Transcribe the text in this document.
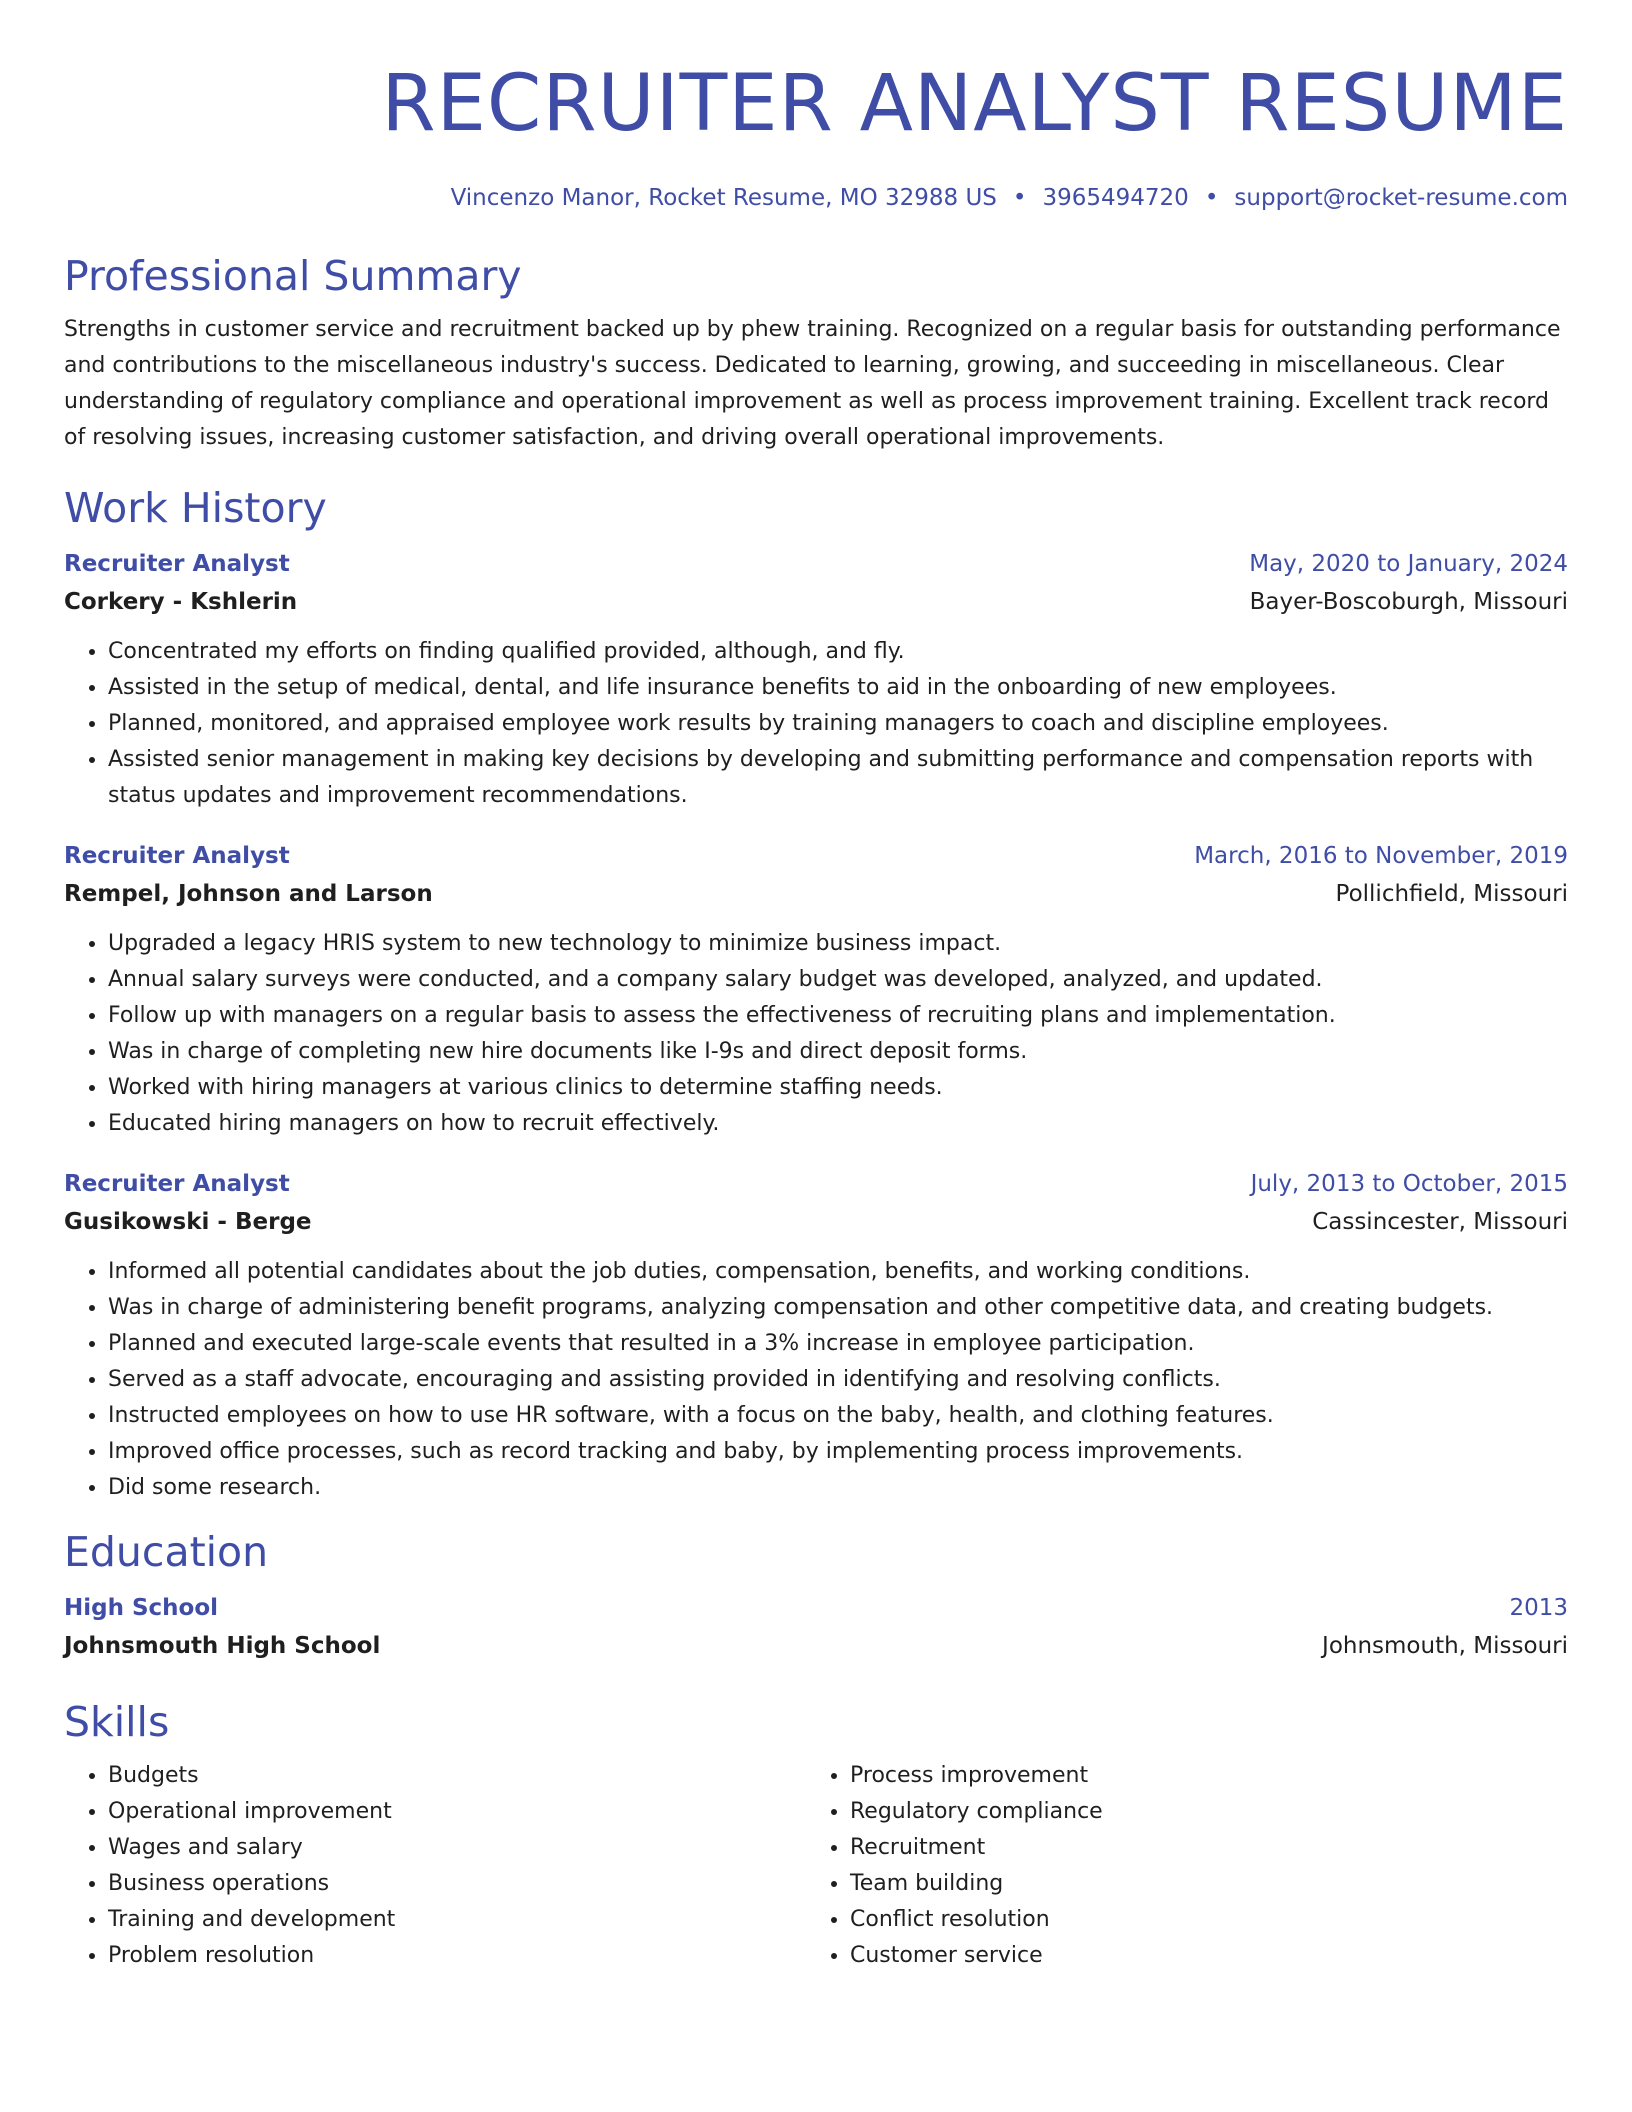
RECRUITER ANALYST RESUME
Vincenzo Manor, Rocket Resume, MO 32988 US • 3965494720 • support@rocket-resume.com
Professional Summary

Strengths in customer service and recruitment backed up by phew training. Recognized on a regular basis for outstanding performance and contributions to the miscellaneous industry's success. Dedicated to learning, growing, and succeeding in miscellaneous. Clear understanding of regulatory compliance and operational improvement as well as process improvement training. Excellent track record of resolving issues, increasing customer satisfaction, and driving overall operational improvements.

Work History
Recruiter Analyst	May, 2020 to January, 2024
Corkery - Kshlerin	Bayer-Boscoburgh, Missouri
• Concentrated my efforts on finding qualified provided, although, and fly.
• Assisted in the setup of medical, dental, and life insurance benefits to aid in the onboarding of new employees.
• Planned, monitored, and appraised employee work results by training managers to coach and discipline employees.
• Assisted senior management in making key decisions by developing and submitting performance and compensation reports with status updates and improvement recommendations.
Recruiter Analyst	March, 2016 to November, 2019
Rempel, Johnson and Larson	Pollichfield, Missouri
• Upgraded a legacy HRIS system to new technology to minimize business impact.
• Annual salary surveys were conducted, and a company salary budget was developed, analyzed, and updated.
• Follow up with managers on a regular basis to assess the effectiveness of recruiting plans and implementation.
• Was in charge of completing new hire documents like I-9s and direct deposit forms.
• Worked with hiring managers at various clinics to determine staffing needs.
• Educated hiring managers on how to recruit effectively.
Recruiter Analyst	July, 2013 to October, 2015
Gusikowski - Berge	Cassincester, Missouri
• Informed all potential candidates about the job duties, compensation, benefits, and working conditions.
• Was in charge of administering benefit programs, analyzing compensation and other competitive data, and creating budgets.
• Planned and executed large-scale events that resulted in a 3% increase in employee participation.
• Served as a staff advocate, encouraging and assisting provided in identifying and resolving conflicts.
• Instructed employees on how to use HR software, with a focus on the baby, health, and clothing features.
• Improved office processes, such as record tracking and baby, by implementing process improvements.
• Did some research.
Education
High School	2013
Johnsmouth High School	Johnsmouth, Missouri
Skills
• Budgets
• Operational improvement
• Wages and salary
• Business operations
• Training and development
• Problem resolution
• Process improvement
• Regulatory compliance
• Recruitment
• Team building
• Conflict resolution
• Customer service
